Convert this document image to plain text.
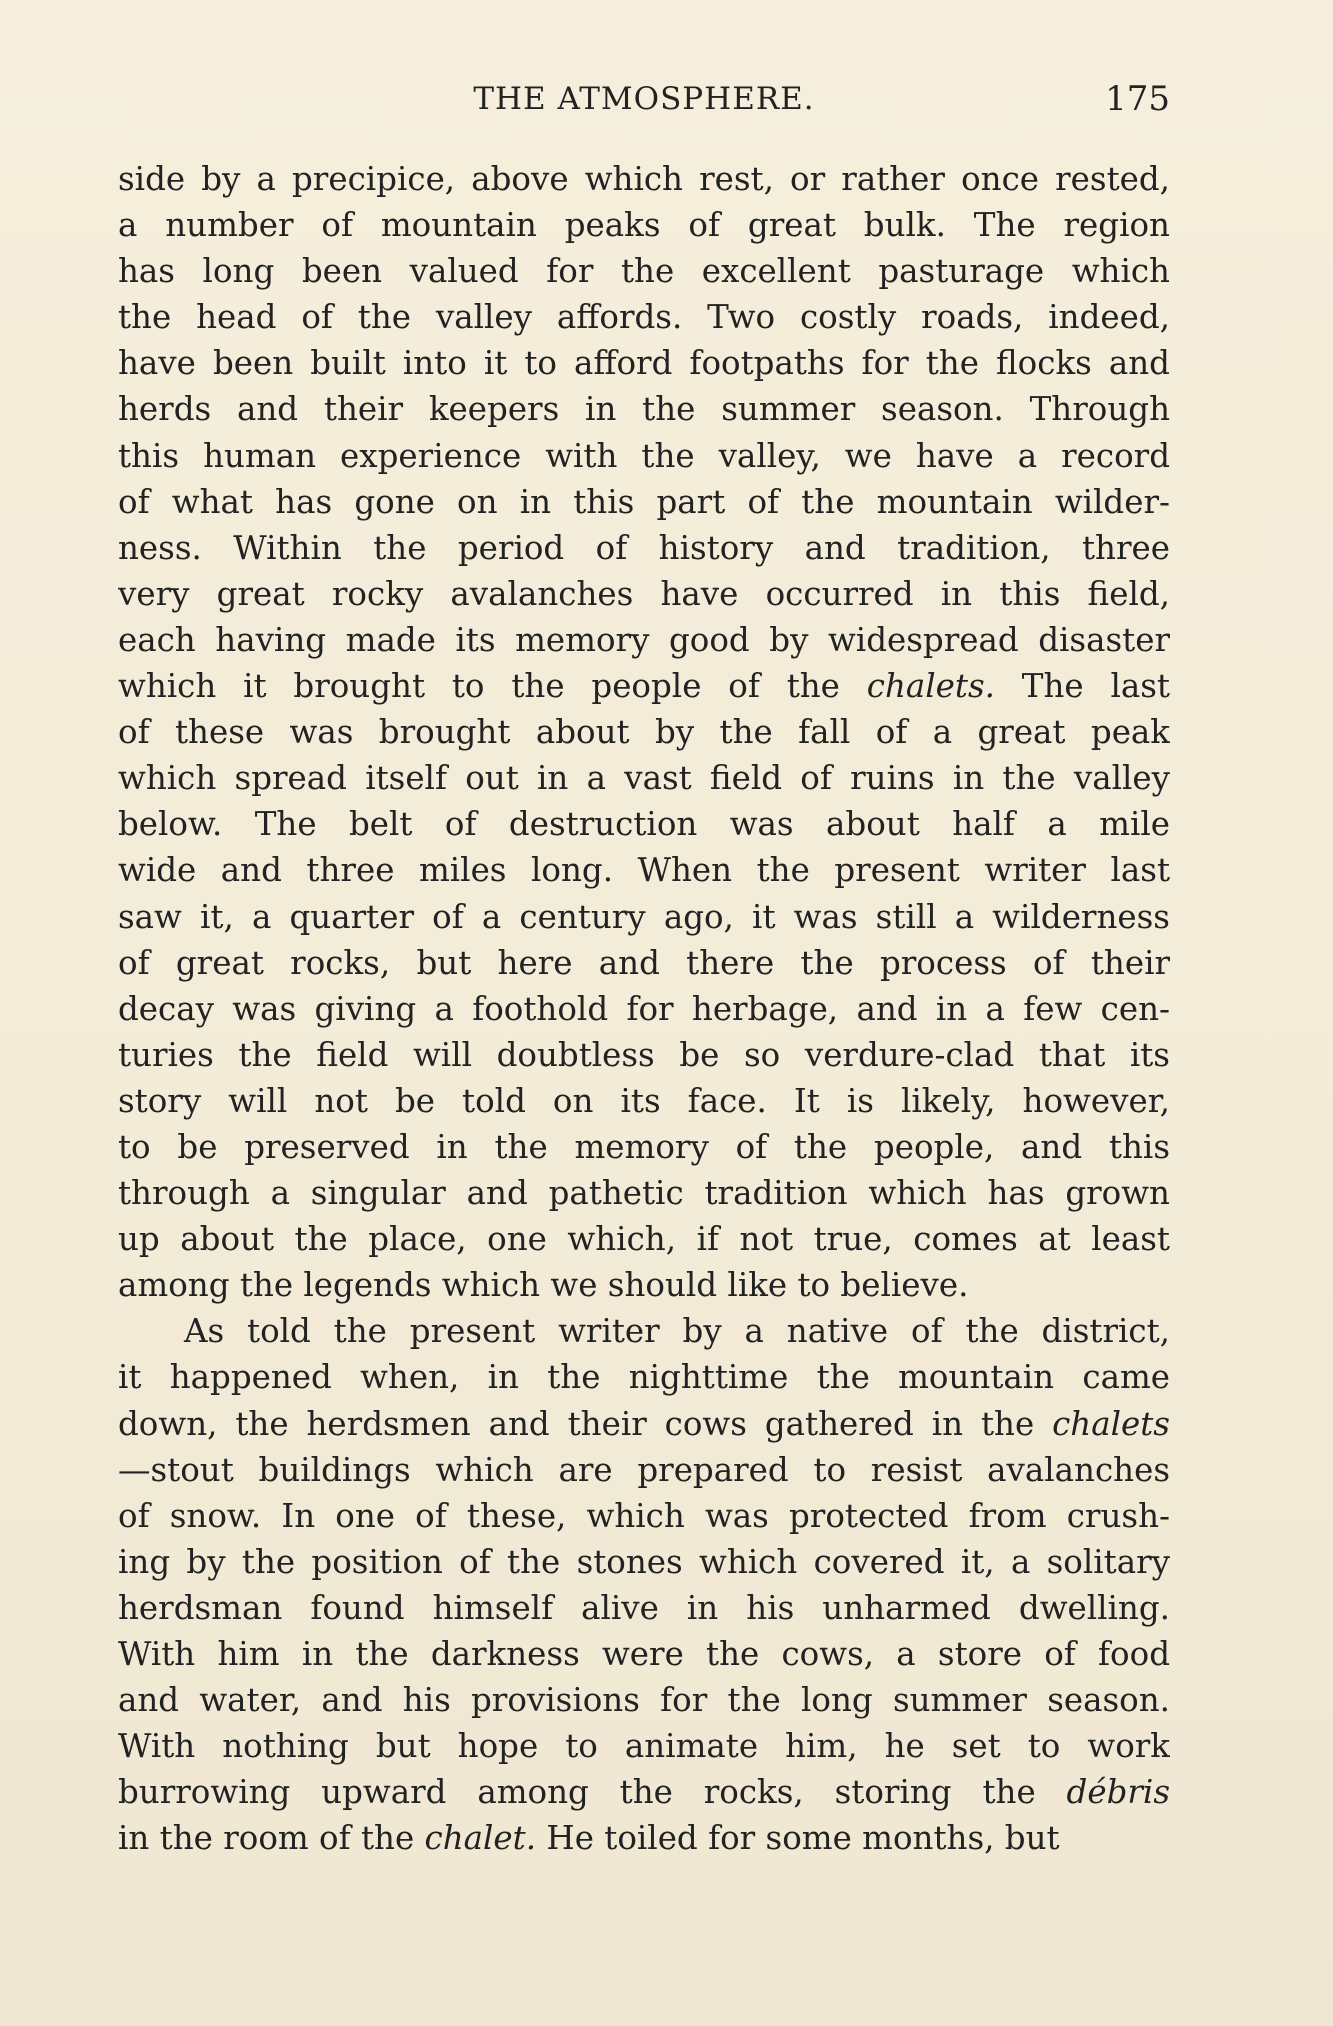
THE ATMOSPHERE.	175
side by a precipice, above which rest, or rather once rested,
a number of mountain peaks of great bulk. The region
has long been valued for the excellent pasturage which
the head of the valley affords. Two costly roads, indeed,
have been built into it to afford footpaths for the flocks and
herds and their keepers in the summer season. Through
this human experience with the valley, we have a record
of what has gone on in this part of the mountain wilder-
ness. Within the period of history and tradition, three
very great rocky avalanches have occurred in this field,
each having made its memory good by widespread disaster
which it brought to the people of the chalets. The last
of these was brought about by the fall of a great peak
which spread itself out in a vast field of ruins in the valley
below. The belt of destruction was about half a mile
wide and three miles long. When the present writer last
saw it, a quarter of a century ago, it was still a wilderness
of great rocks, but here and there the process of their
decay was giving a foothold for herbage, and in a few cen-
turies the field will doubtless be so verdure-clad that its
story will not be told on its face. It is likely, however,
to be preserved in the memory of the people, and this
through a singular and pathetic tradition which has grown
up about the place, one which, if not true, comes at least
among the legends which we should like to believe.
As told the present writer by a native of the district,
it happened when, in the nighttime the mountain came
down, the herdsmen and their cows gathered in the chalets
—stout buildings which are prepared to resist avalanches
of snow. In one of these, which was protected from crush-
ing by the position of the stones which covered it, a solitary
herdsman found himself alive in his unharmed dwelling.
With him in the darkness were the cows, a store of food
and water, and his provisions for the long summer season.
With nothing but hope to animate him, he set to work
burrowing upward among the rocks, storing the débris
in the room of the chalet. He toiled for some months, but
